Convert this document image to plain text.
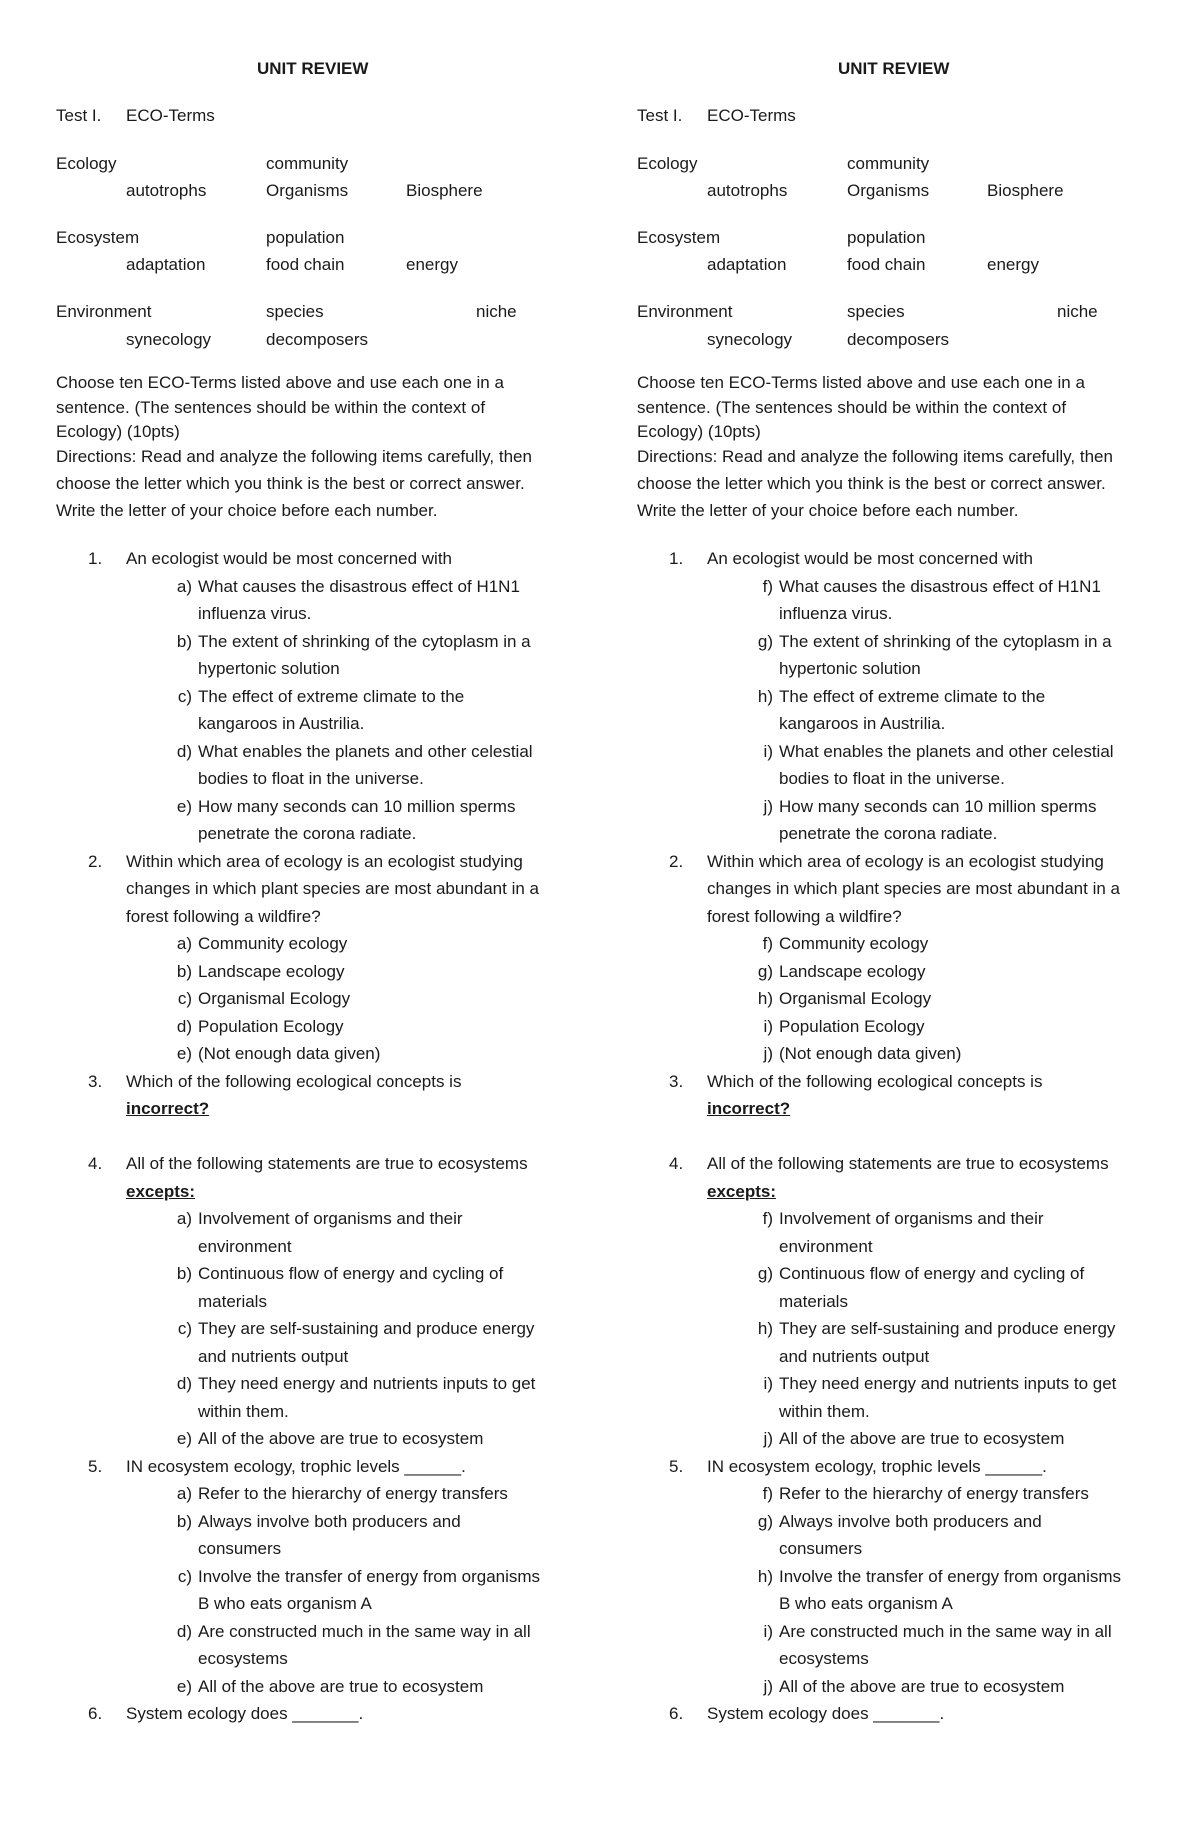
UNIT REVIEW
Test I. ECO-Terms
Ecology	community
autotrophs	Organisms	Biosphere
Ecosystem	population
adaptation	food chain	energy
Environment	species	niche
synecology	decomposers
Choose ten ECO-Terms listed above and use each one in a
sentence. (The sentences should be within the context of
Ecology) (10pts)
Directions: Read and analyze the following items carefully, then
choose the letter which you think is the best or correct answer.
Write the letter of your choice before each number.
1. An ecologist would be most concerned with
a) What causes the disastrous effect of H1N1
influenza virus.
b) The extent of shrinking of the cytoplasm in a
hypertonic solution
c) The effect of extreme climate to the
kangaroos in Austrilia.
d) What enables the planets and other celestial
bodies to float in the universe.
e) How many seconds can 10 million sperms
penetrate the corona radiate.
2. Within which area of ecology is an ecologist studying
changes in which plant species are most abundant in a
forest following a wildfire?
a) Community ecology
b) Landscape ecology
c) Organismal Ecology
d) Population Ecology
e) (Not enough data given)
3. Which of the following ecological concepts is
incorrect?
4. All of the following statements are true to ecosystems
excepts:
a) Involvement of organisms and their
environment
b) Continuous flow of energy and cycling of
materials
c) They are self-sustaining and produce energy
and nutrients output
d) They need energy and nutrients inputs to get
within them.
e) All of the above are true to ecosystem
5. IN ecosystem ecology, trophic levels ______.
a) Refer to the hierarchy of energy transfers
b) Always involve both producers and
consumers
c) Involve the transfer of energy from organisms
B who eats organism A
d) Are constructed much in the same way in all
ecosystems
e) All of the above are true to ecosystem
6. System ecology does _______.
UNIT REVIEW
Test I. ECO-Terms
Ecology	community
autotrophs	Organisms	Biosphere
Ecosystem	population
adaptation	food chain	energy
Environment	species	niche
synecology	decomposers
Choose ten ECO-Terms listed above and use each one in a
sentence. (The sentences should be within the context of
Ecology) (10pts)
Directions: Read and analyze the following items carefully, then
choose the letter which you think is the best or correct answer.
Write the letter of your choice before each number.
1. An ecologist would be most concerned with
f) What causes the disastrous effect of H1N1
influenza virus.
g) The extent of shrinking of the cytoplasm in a
hypertonic solution
h) The effect of extreme climate to the
kangaroos in Austrilia.
i) What enables the planets and other celestial
bodies to float in the universe.
j) How many seconds can 10 million sperms
penetrate the corona radiate.
2. Within which area of ecology is an ecologist studying
changes in which plant species are most abundant in a
forest following a wildfire?
f) Community ecology
g) Landscape ecology
h) Organismal Ecology
i) Population Ecology
j) (Not enough data given)
3. Which of the following ecological concepts is
incorrect?
4. All of the following statements are true to ecosystems
excepts:
f) Involvement of organisms and their
environment
g) Continuous flow of energy and cycling of
materials
h) They are self-sustaining and produce energy
and nutrients output
i) They need energy and nutrients inputs to get
within them.
j) All of the above are true to ecosystem
5. IN ecosystem ecology, trophic levels ______.
f) Refer to the hierarchy of energy transfers
g) Always involve both producers and
consumers
h) Involve the transfer of energy from organisms
B who eats organism A
i) Are constructed much in the same way in all
ecosystems
j) All of the above are true to ecosystem
6. System ecology does _______.
